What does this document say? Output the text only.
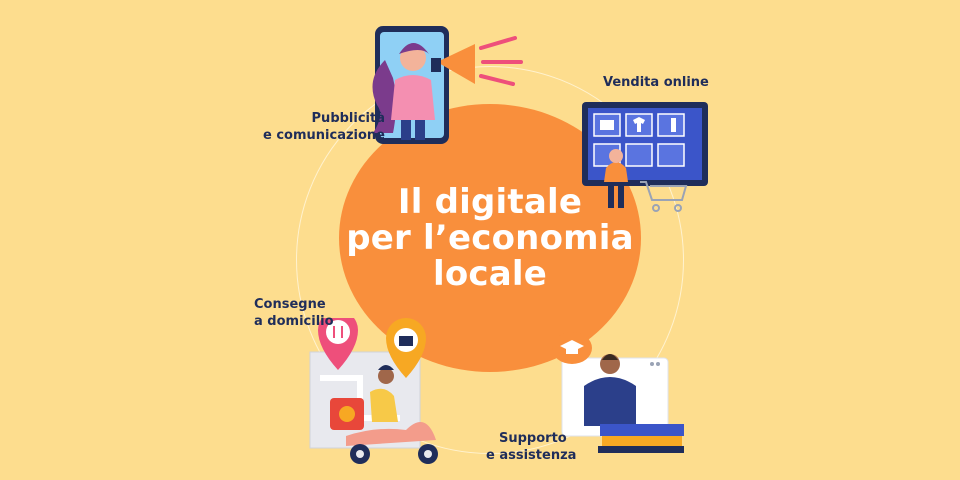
Il digitale
per l’economia
locale
Pubblicità
e comunicazione
Vendita online
Consegne
a domicilio
Supporto
e assistenza
